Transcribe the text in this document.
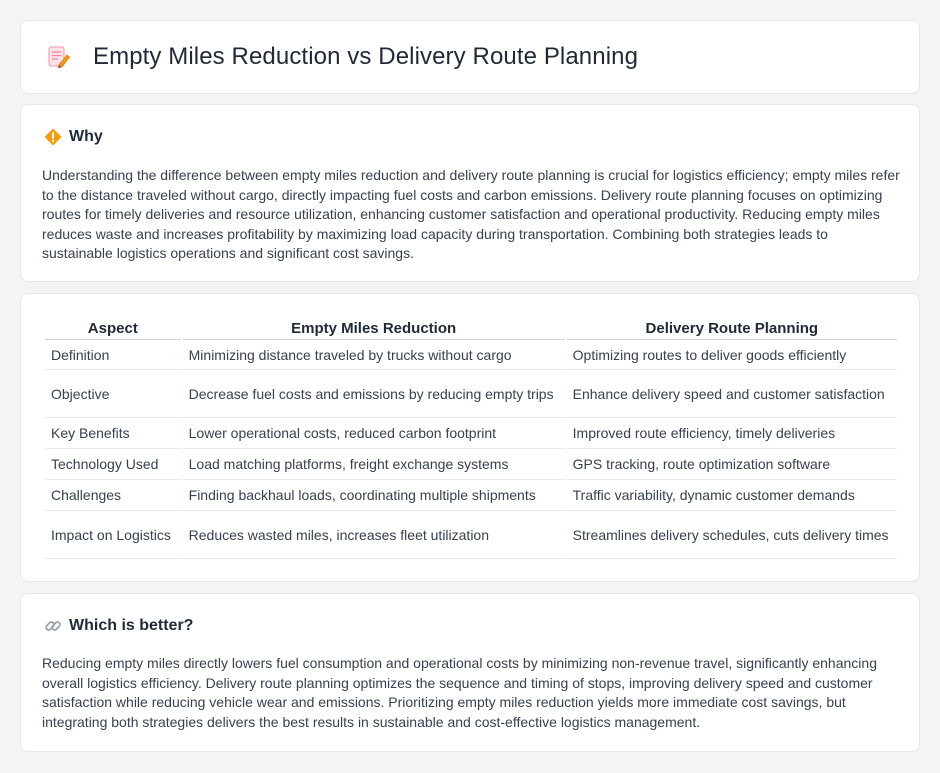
Empty Miles Reduction vs Delivery Route Planning
Why

Understanding the difference between empty miles reduction and delivery route planning is crucial for logistics efficiency; empty miles refer to the distance traveled without cargo, directly impacting fuel costs and carbon emissions. Delivery route planning focuses on optimizing routes for timely deliveries and resource utilization, enhancing customer satisfaction and operational productivity. Reducing empty miles reduces waste and increases profitability by maximizing load capacity during transportation. Combining both strategies leads to sustainable logistics operations and significant cost savings.

Aspect	Empty Miles Reduction	Delivery Route Planning
Definition	Minimizing distance traveled by trucks without cargo	Optimizing routes to deliver goods efficiently
Objective	Decrease fuel costs and emissions by reducing empty trips	Enhance delivery speed and customer satisfaction
Key Benefits	Lower operational costs, reduced carbon footprint	Improved route efficiency, timely deliveries
Technology Used	Load matching platforms, freight exchange systems	GPS tracking, route optimization software
Challenges	Finding backhaul loads, coordinating multiple shipments	Traffic variability, dynamic customer demands
Impact on Logistics	Reduces wasted miles, increases fleet utilization	Streamlines delivery schedules, cuts delivery times
Which is better?

Reducing empty miles directly lowers fuel consumption and operational costs by minimizing non-revenue travel, significantly enhancing overall logistics efficiency. Delivery route planning optimizes the sequence and timing of stops, improving delivery speed and customer satisfaction while reducing vehicle wear and emissions. Prioritizing empty miles reduction yields more immediate cost savings, but integrating both strategies delivers the best results in sustainable and cost-effective logistics management.
